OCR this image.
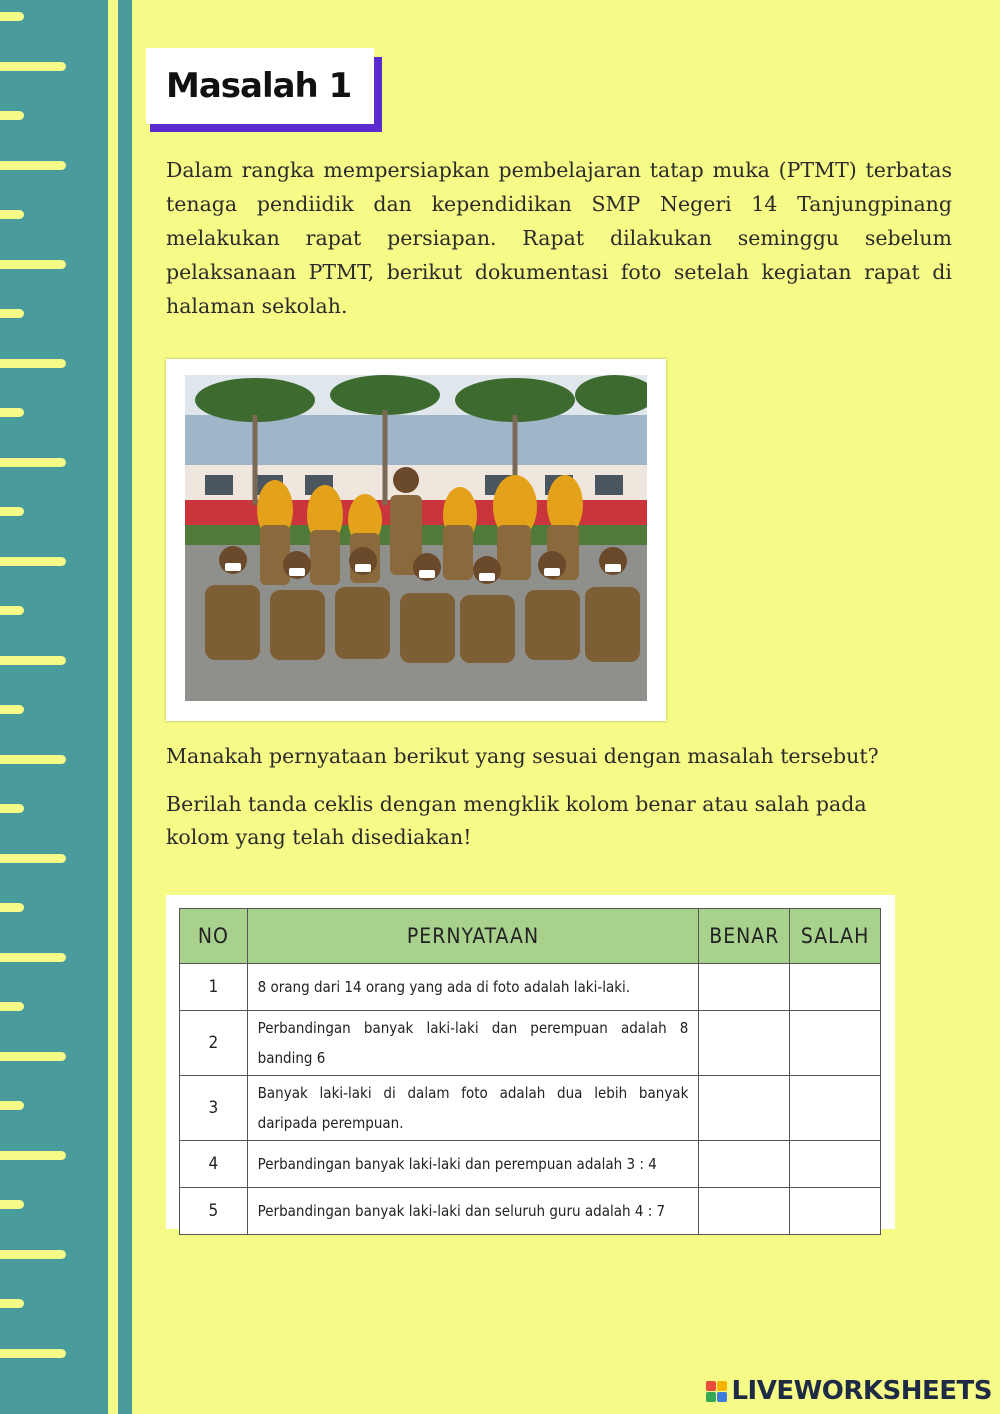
Masalah 1

Dalam rangka mempersiapkan pembelajaran tatap muka (PTMT) terbatas tenaga pendiidik dan kependidikan SMP Negeri 14 Tanjungpinang melakukan rapat persiapan. Rapat dilakukan seminggu sebelum pelaksanaan PTMT, berikut dokumentasi foto setelah kegiatan rapat di halaman sekolah.

Manakah pernyataan berikut yang sesuai dengan masalah tersebut?

Berilah tanda ceklis dengan mengklik kolom benar atau salah pada kolom yang telah disediakan!

NO	PERNYATAAN	BENAR	SALAH
1	8 orang dari 14 orang yang ada di foto adalah laki-laki.		
2	Perbandingan banyak laki-laki dan perempuan adalah 8 banding 6		
3	Banyak laki-laki di dalam foto adalah dua lebih banyak daripada perempuan.		
4	Perbandingan banyak laki-laki dan perempuan adalah 3 : 4		
5	Perbandingan banyak laki-laki dan seluruh guru adalah 4 : 7		
LIVEWORKSHEETS
